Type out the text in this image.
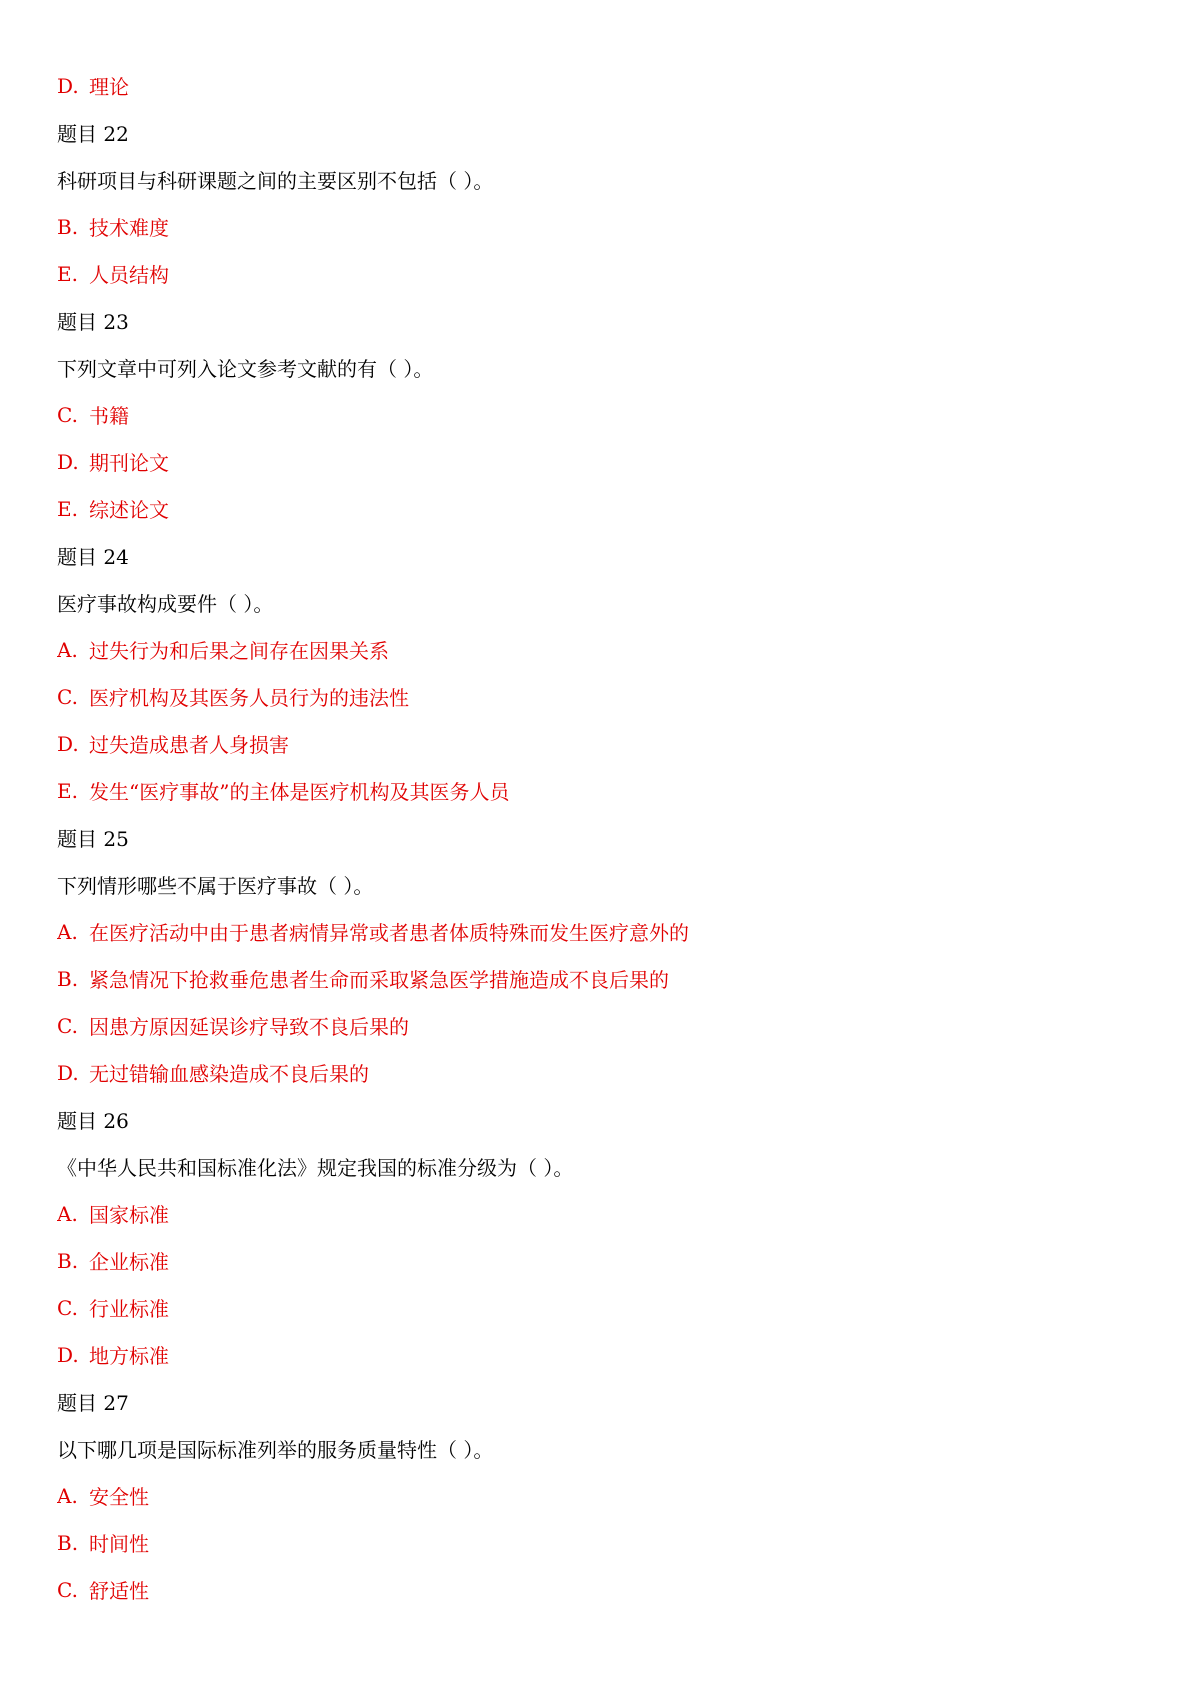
D. 理论
题目 22
科研项目与科研课题之间的主要区别不包括（ ）。
B. 技术难度
E. 人员结构
题目 23
下列文章中可列入论文参考文献的有（ ）。
C. 书籍
D. 期刊论文
E. 综述论文
题目 24
医疗事故构成要件（ ）。
A. 过失行为和后果之间存在因果关系
C. 医疗机构及其医务人员行为的违法性
D. 过失造成患者人身损害
E. 发生“医疗事故”的主体是医疗机构及其医务人员
题目 25
下列情形哪些不属于医疗事故（ ）。
A. 在医疗活动中由于患者病情异常或者患者体质特殊而发生医疗意外的
B. 紧急情况下抢救垂危患者生命而采取紧急医学措施造成不良后果的
C. 因患方原因延误诊疗导致不良后果的
D. 无过错输血感染造成不良后果的
题目 26
《中华人民共和国标准化法》规定我国的标准分级为（ ）。
A. 国家标准
B. 企业标准
C. 行业标准
D. 地方标准
题目 27
以下哪几项是国际标准列举的服务质量特性（ ）。
A. 安全性
B. 时间性
C. 舒适性
